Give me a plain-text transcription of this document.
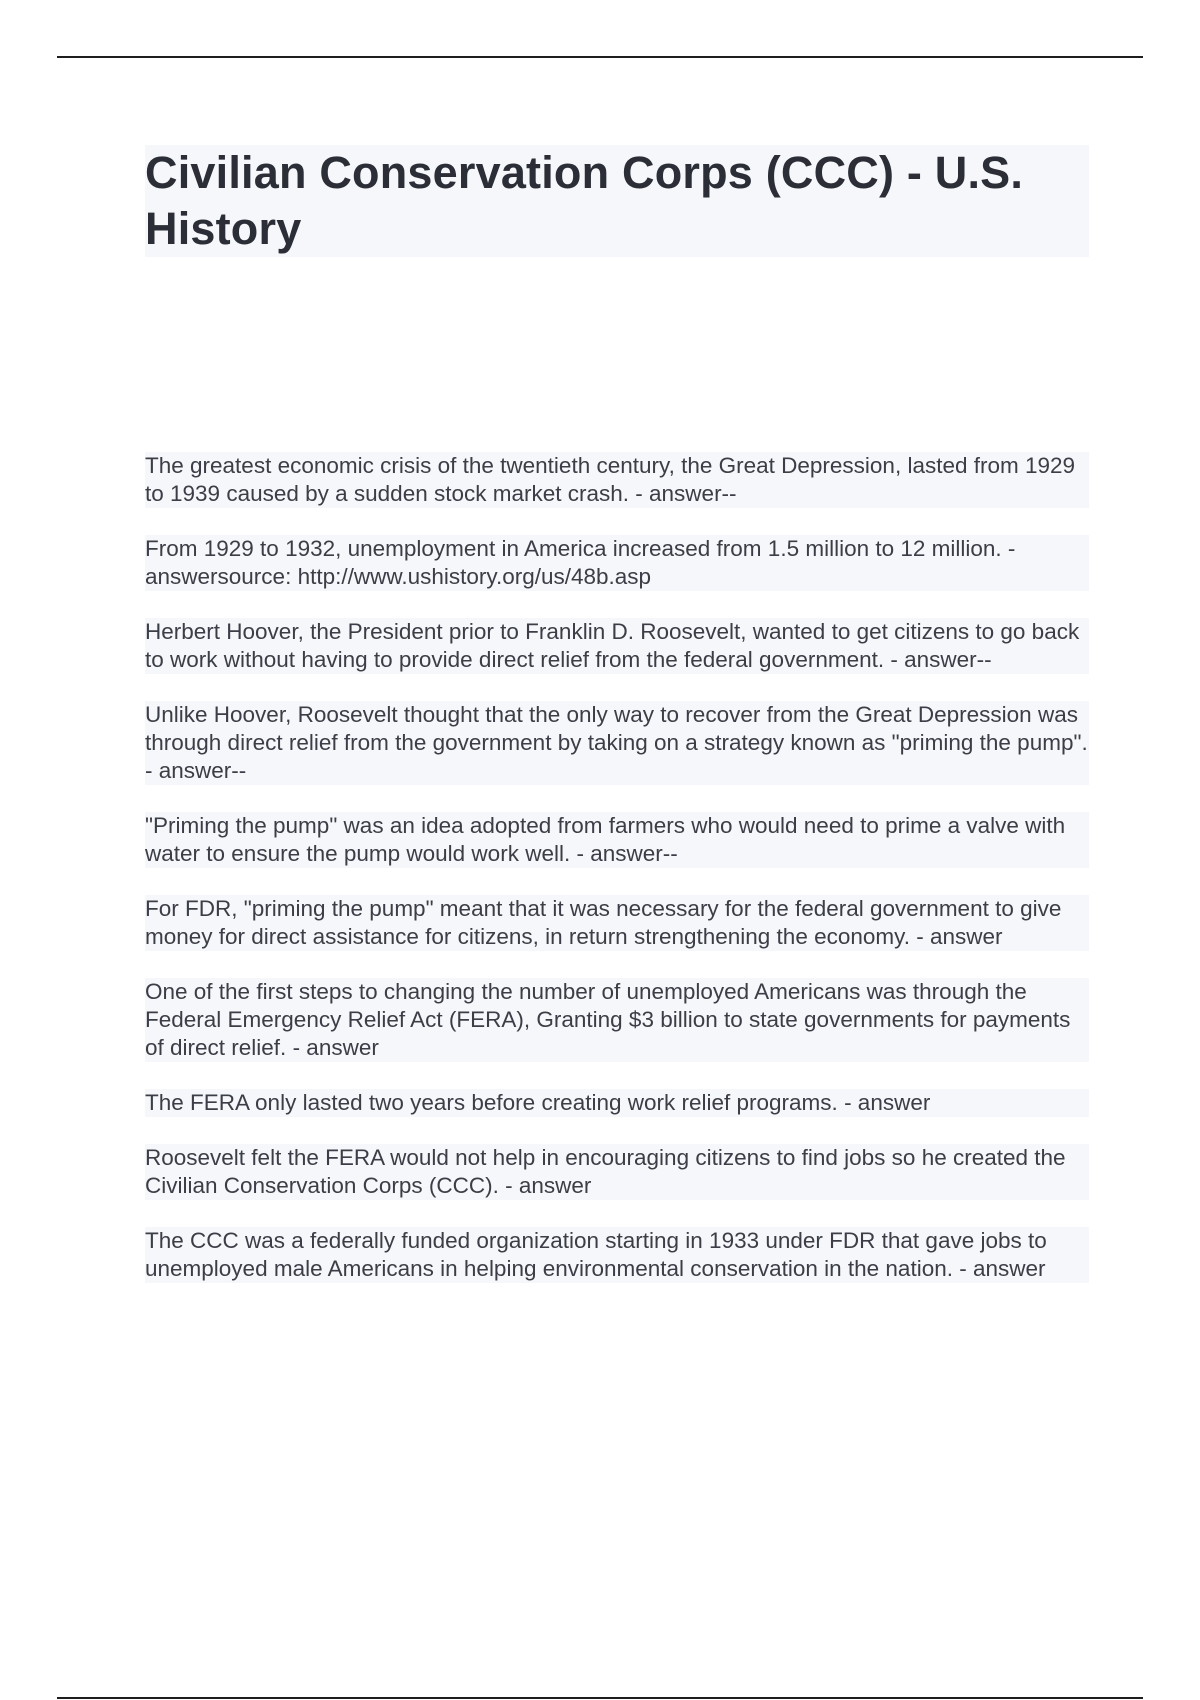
Civilian Conservation Corps (CCC) - U.S. History

The greatest economic crisis of the twentieth century, the Great Depression, lasted from 1929 to 1939 caused by a sudden stock market crash. - answer--

From 1929 to 1932, unemployment in America increased from 1.5 million to 12 million. - answersource: http://www.ushistory.org/us/48b.asp

Herbert Hoover, the President prior to Franklin D. Roosevelt, wanted to get citizens to go back to work without having to provide direct relief from the federal government. - answer--

Unlike Hoover, Roosevelt thought that the only way to recover from the Great Depression was through direct relief from the government by taking on a strategy known as "priming the pump". - answer--

"Priming the pump" was an idea adopted from farmers who would need to prime a valve with water to ensure the pump would work well. - answer--

For FDR, "priming the pump" meant that it was necessary for the federal government to give money for direct assistance for citizens, in return strengthening the economy. - answer

One of the first steps to changing the number of unemployed Americans was through the Federal Emergency Relief Act (FERA), Granting $3 billion to state governments for payments of direct relief. - answer

The FERA only lasted two years before creating work relief programs. - answer

Roosevelt felt the FERA would not help in encouraging citizens to find jobs so he created the Civilian Conservation Corps (CCC). - answer

The CCC was a federally funded organization starting in 1933 under FDR that gave jobs to unemployed male Americans in helping environmental conservation in the nation. - answer
